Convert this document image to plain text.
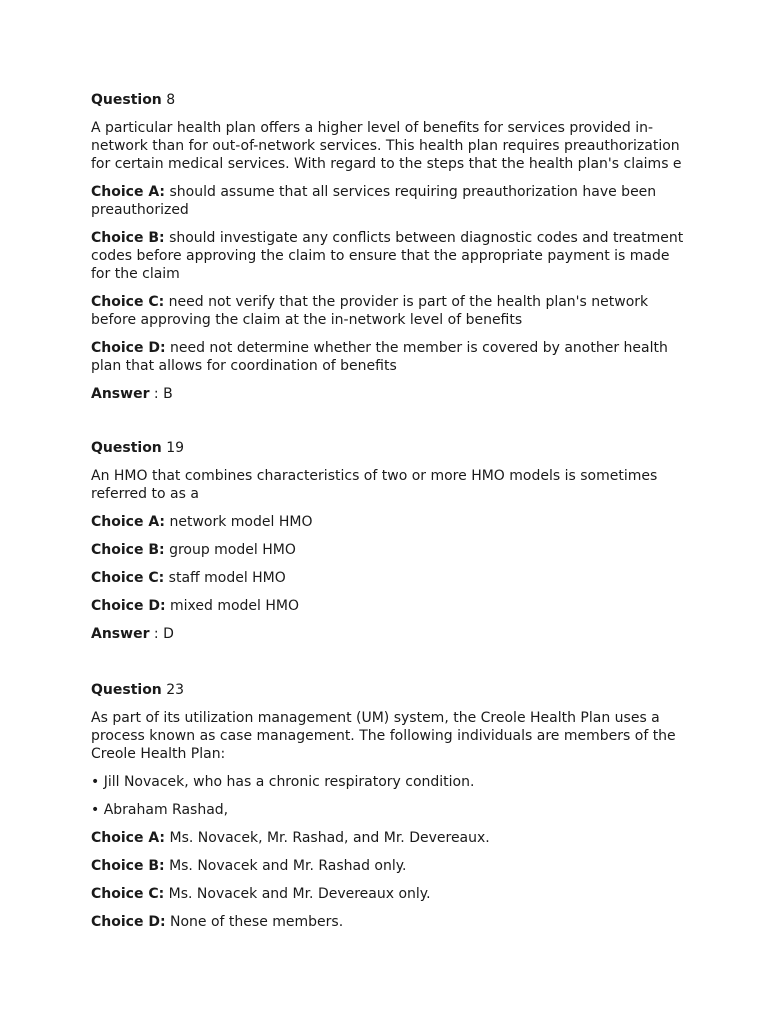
Question 8

A particular health plan offers a higher level of benefits for services provided in-network than for out-of-network services. This health plan requires preauthorization for certain medical services. With regard to the steps that the health plan's claims e

Choice A: should assume that all services requiring preauthorization have been preauthorized

Choice B: should investigate any conflicts between diagnostic codes and treatment codes before approving the claim to ensure that the appropriate payment is made for the claim

Choice C: need not verify that the provider is part of the health plan's network before approving the claim at the in-network level of benefits

Choice D: need not determine whether the member is covered by another health plan that allows for coordination of benefits

Answer : B

Question 19

An HMO that combines characteristics of two or more HMO models is sometimes referred to as a

Choice A: network model HMO

Choice B: group model HMO

Choice C: staff model HMO

Choice D: mixed model HMO

Answer : D

Question 23

As part of its utilization management (UM) system, the Creole Health Plan uses a process known as case management. The following individuals are members of the Creole Health Plan:

• Jill Novacek, who has a chronic respiratory condition.

• Abraham Rashad,

Choice A: Ms. Novacek, Mr. Rashad, and Mr. Devereaux.

Choice B: Ms. Novacek and Mr. Rashad only.

Choice C: Ms. Novacek and Mr. Devereaux only.

Choice D: None of these members.
